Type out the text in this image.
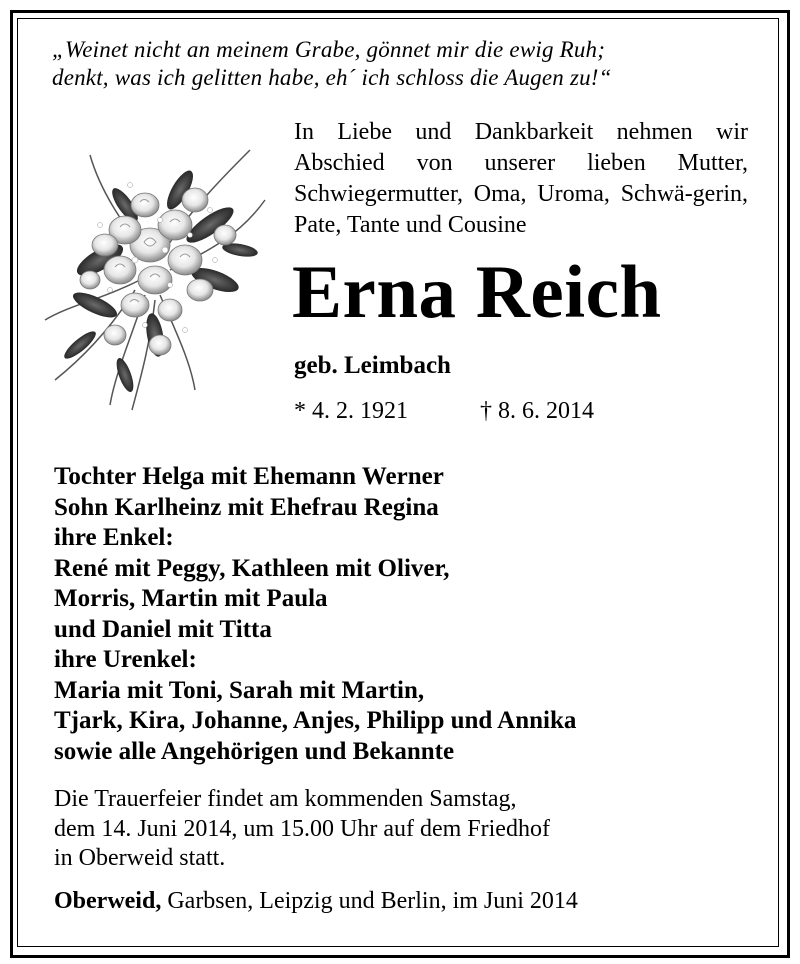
„Weinet nicht an meinem Grabe, gönnet mir die ewig Ruh;
denkt, was ich gelitten habe, eh´ ich schloss die Augen zu!“
In Liebe und Dankbarkeit nehmen wir Abschied von unserer lieben Mutter, Schwiegermutter, Oma, Uroma, Schwä-gerin, Pate, Tante und Cousine
Erna Reich
geb. Leimbach
* 4. 2. 1921	† 8. 6. 2014
Tochter Helga mit Ehemann Werner
Sohn Karlheinz mit Ehefrau Regina
ihre Enkel:
René mit Peggy, Kathleen mit Oliver,
Morris, Martin mit Paula
und Daniel mit Titta
ihre Urenkel:
Maria mit Toni, Sarah mit Martin,
Tjark, Kira, Johanne, Anjes, Philipp und Annika
sowie alle Angehörigen und Bekannte
Die Trauerfeier findet am kommenden Samstag,
dem 14. Juni 2014, um 15.00 Uhr auf dem Friedhof
in Oberweid statt.
Oberweid, Garbsen, Leipzig und Berlin, im Juni 2014
